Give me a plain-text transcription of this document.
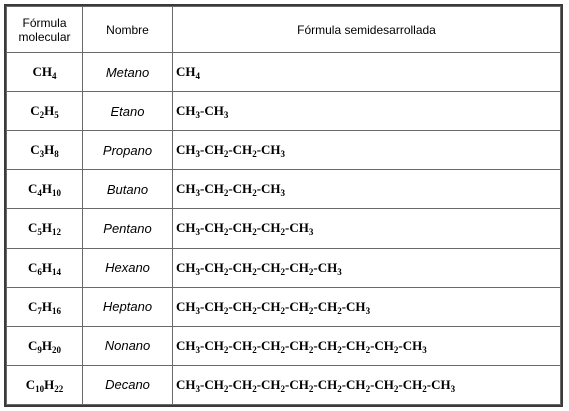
Fórmula
molecular	Nombre	Fórmula semidesarrollada
$CH_4$	Metano	$CH_4$
$C_2H_5$	Etano	$CH_3-CH_3$
$C_3H_8$	Propano	$CH_3-CH_2-CH_2-CH_3$
$C_4H_{10}$	Butano	$CH_3-CH_2-CH_2-CH_3$
$C_5H_{12}$	Pentano	$CH_3-CH_2-CH_2-CH_2-CH_3$
$C_6H_{14}$	Hexano	$CH_3-CH_2-CH_2-CH_2-CH_2-CH_3$
$C_7H_{16}$	Heptano	$CH_3-CH_2-CH_2-CH_2-CH_2-CH_2-CH_3$
$C_9H_{20}$	Nonano	$CH_3-CH_2-CH_2-CH_2-CH_2-CH_2-CH_2-CH_2-CH_3$
$C_{10}H_{22}$	Decano	$CH_3-CH_2-CH_2-CH_2-CH_2-CH_2-CH_2-CH_2-CH_2-CH_3$
